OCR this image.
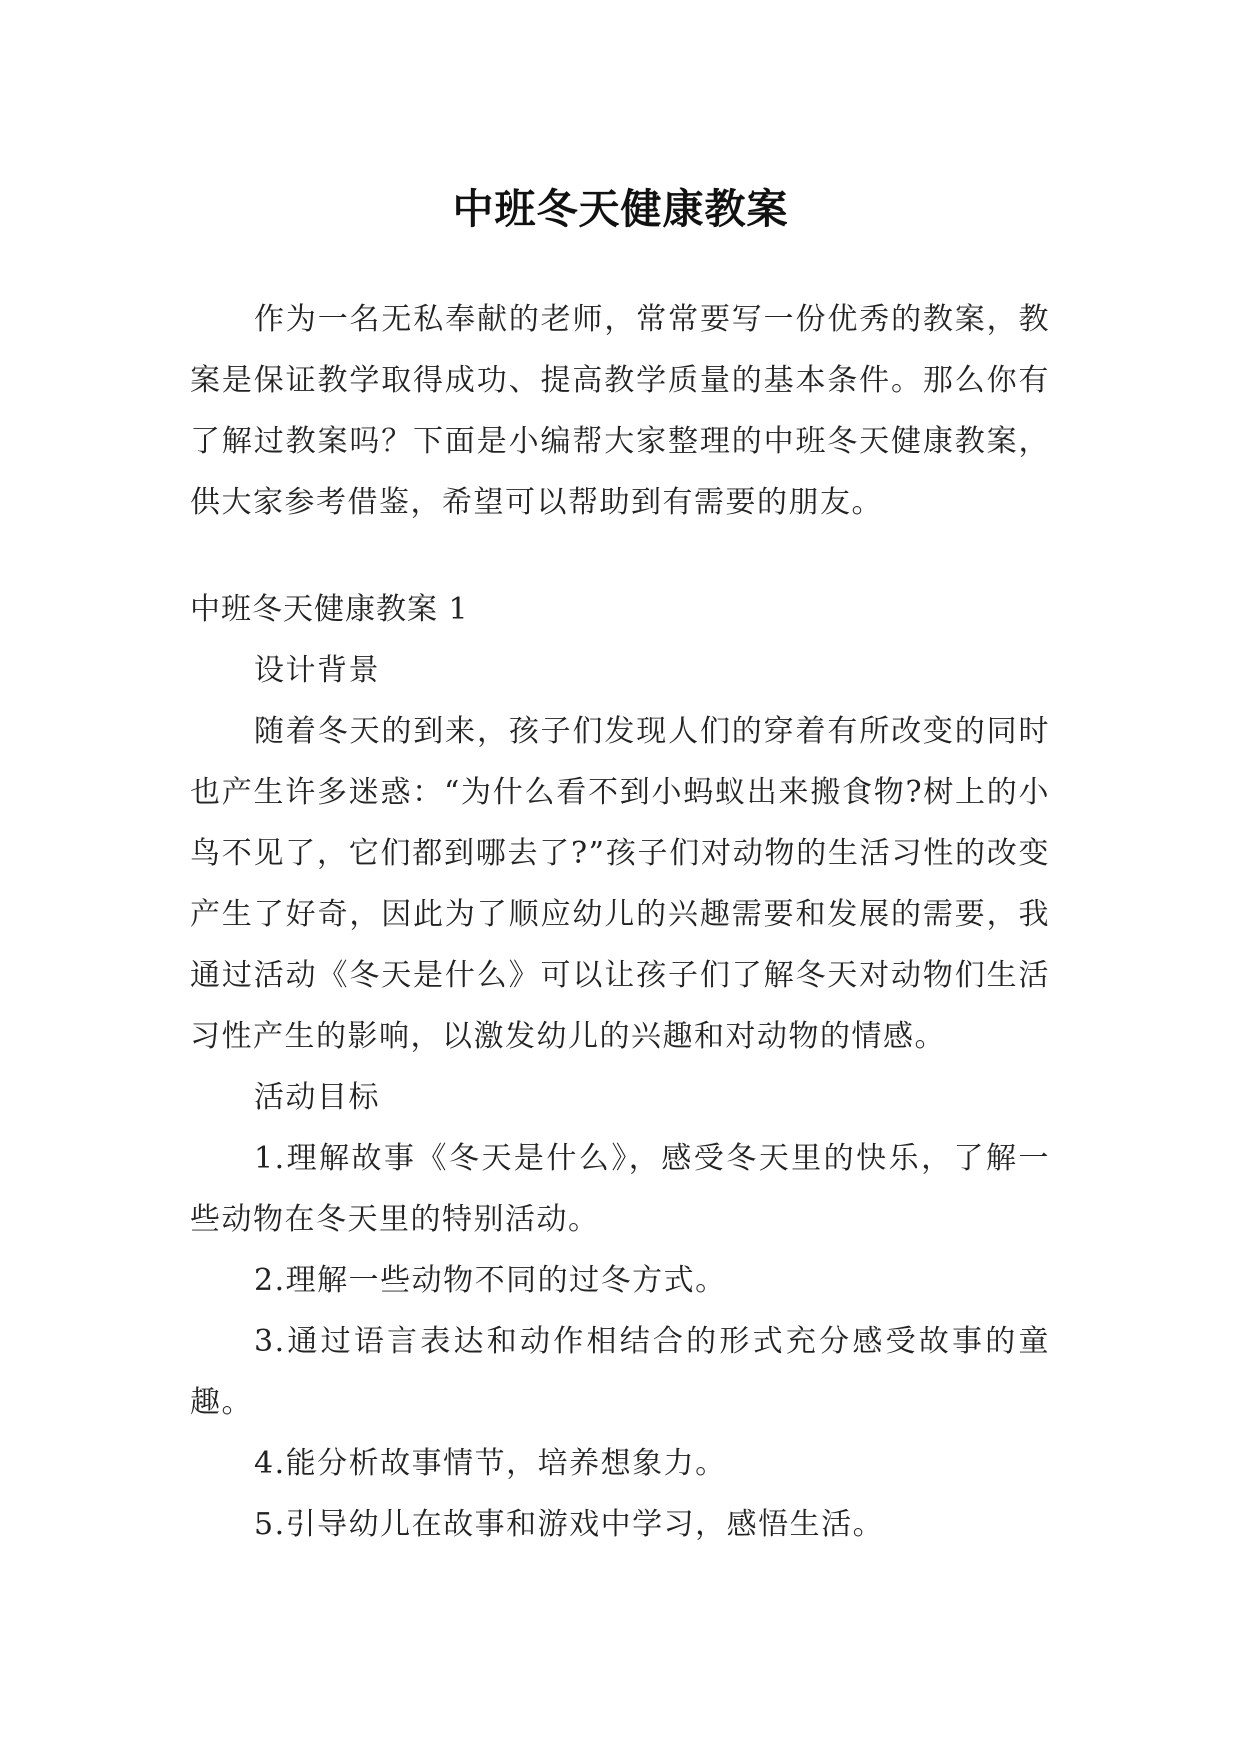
中班冬天健康教案

作为一名无私奉献的老师，常常要写一份优秀的教案，教案是保证教学取得成功、提高教学质量的基本条件。那么你有了解过教案吗？下面是小编帮大家整理的中班冬天健康教案，供大家参考借鉴，希望可以帮助到有需要的朋友。

中班冬天健康教案 1

设计背景

随着冬天的到来，孩子们发现人们的穿着有所改变的同时也产生许多迷惑：“为什么看不到小蚂蚁出来搬食物?树上的小鸟不见了，它们都到哪去了?”孩子们对动物的生活习性的改变产生了好奇，因此为了顺应幼儿的兴趣需要和发展的需要，我通过活动《冬天是什么》可以让孩子们了解冬天对动物们生活习性产生的影响，以激发幼儿的兴趣和对动物的情感。

活动目标

1.理解故事《冬天是什么》，感受冬天里的快乐，了解一些动物在冬天里的特别活动。

2.理解一些动物不同的过冬方式。

3.通过语言表达和动作相结合的形式充分感受故事的童趣。

4.能分析故事情节，培养想象力。

5.引导幼儿在故事和游戏中学习，感悟生活。
